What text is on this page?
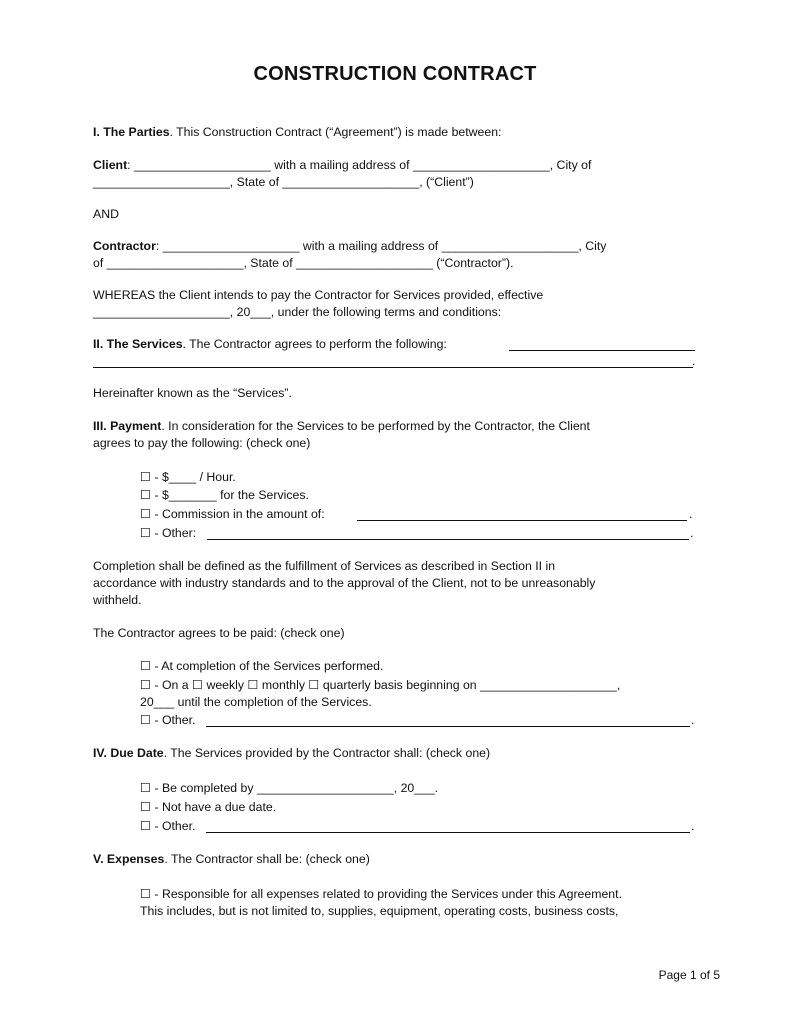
CONSTRUCTION CONTRACT
I. The Parties. This Construction Contract (“Agreement”) is made between:
Client: ____________________ with a mailing address of ____________________, City of
____________________, State of ____________________, (“Client”)
AND
Contractor: ____________________ with a mailing address of ____________________, City
of ____________________, State of ____________________ (“Contractor”).
WHEREAS the Client intends to pay the Contractor for Services provided, effective
____________________, 20___, under the following terms and conditions:
II. The Services. The Contractor agrees to perform the following:
.
Hereinafter known as the “Services”.
III. Payment. In consideration for the Services to be performed by the Contractor, the Client
agrees to pay the following: (check one)
☐ - $____ / Hour.
☐ - $_______ for the Services.
☐ - Commission in the amount of:	.
☐ - Other:	.
Completion shall be defined as the fulfillment of Services as described in Section II in
accordance with industry standards and to the approval of the Client, not to be unreasonably
withheld.
The Contractor agrees to be paid: (check one)
☐ - At completion of the Services performed.
☐ - On a ☐ weekly ☐ monthly ☐ quarterly basis beginning on ____________________,
20___ until the completion of the Services.
☐ - Other.	.
IV. Due Date. The Services provided by the Contractor shall: (check one)
☐ - Be completed by ____________________, 20___.
☐ - Not have a due date.
☐ - Other.	.
V. Expenses. The Contractor shall be: (check one)
☐ - Responsible for all expenses related to providing the Services under this Agreement.
This includes, but is not limited to, supplies, equipment, operating costs, business costs,
Page 1 of 5
